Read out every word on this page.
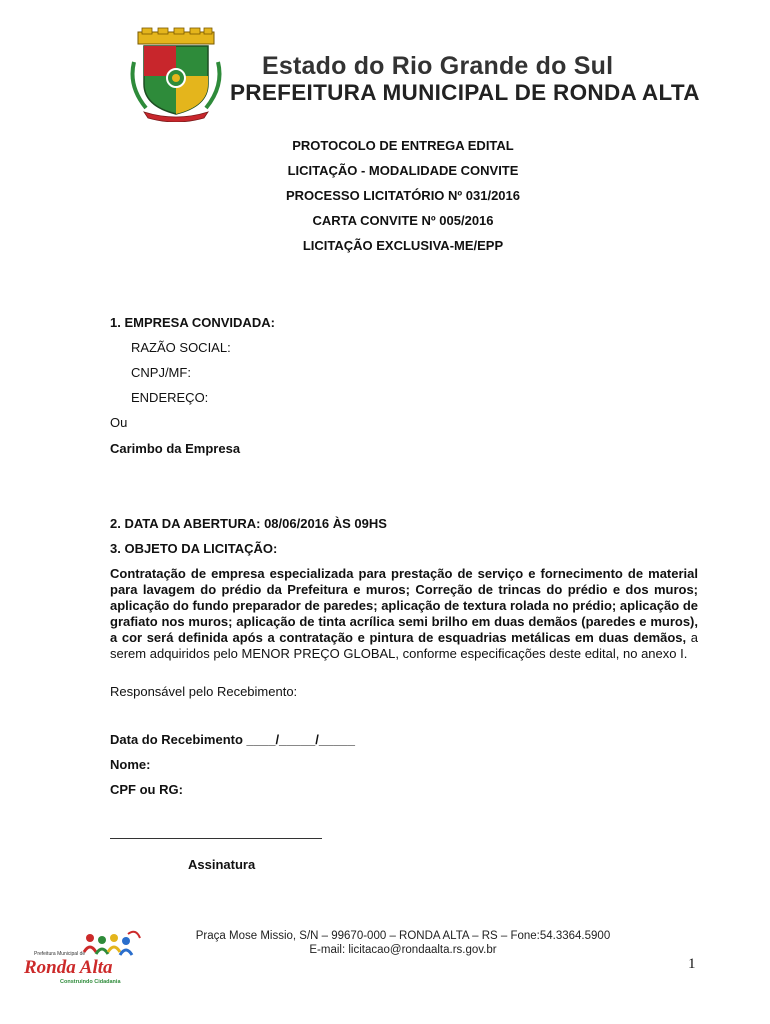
Estado do Rio Grande do Sul
PREFEITURA MUNICIPAL DE RONDA ALTA
PROTOCOLO DE ENTREGA EDITAL
LICITAÇÃO - MODALIDADE CONVITE
PROCESSO LICITATÓRIO Nº 031/2016
CARTA CONVITE Nº 005/2016
LICITAÇÃO EXCLUSIVA-ME/EPP
1. EMPRESA CONVIDADA:
RAZÃO SOCIAL:
CNPJ/MF:
ENDEREÇO:
Ou
Carimbo da Empresa
2. DATA DA ABERTURA: 08/06/2016 ÀS 09HS
3. OBJETO DA LICITAÇÃO:
Contratação de empresa especializada para prestação de serviço e fornecimento de material para lavagem do prédio da Prefeitura e muros; Correção de trincas do prédio e dos muros; aplicação do fundo preparador de paredes; aplicação de textura rolada no prédio; aplicação de grafiato nos muros; aplicação de tinta acrílica semi brilho em duas demãos (paredes e muros), a cor será definida após a contratação e pintura de esquadrias metálicas em duas demãos, a serem adquiridos pelo MENOR PREÇO GLOBAL, conforme especificações deste edital, no anexo I.
Responsável pelo Recebimento:
Data do Recebimento ____/_____/_____
Nome:
CPF ou RG:
Assinatura
Praça Mose Missio, S/N – 99670-000 – RONDA ALTA – RS – Fone:54.3364.5900
E-mail: licitacao@rondaalta.rs.gov.br
Prefeitura Municipal de
Ronda Alta
Construindo Cidadania
1
